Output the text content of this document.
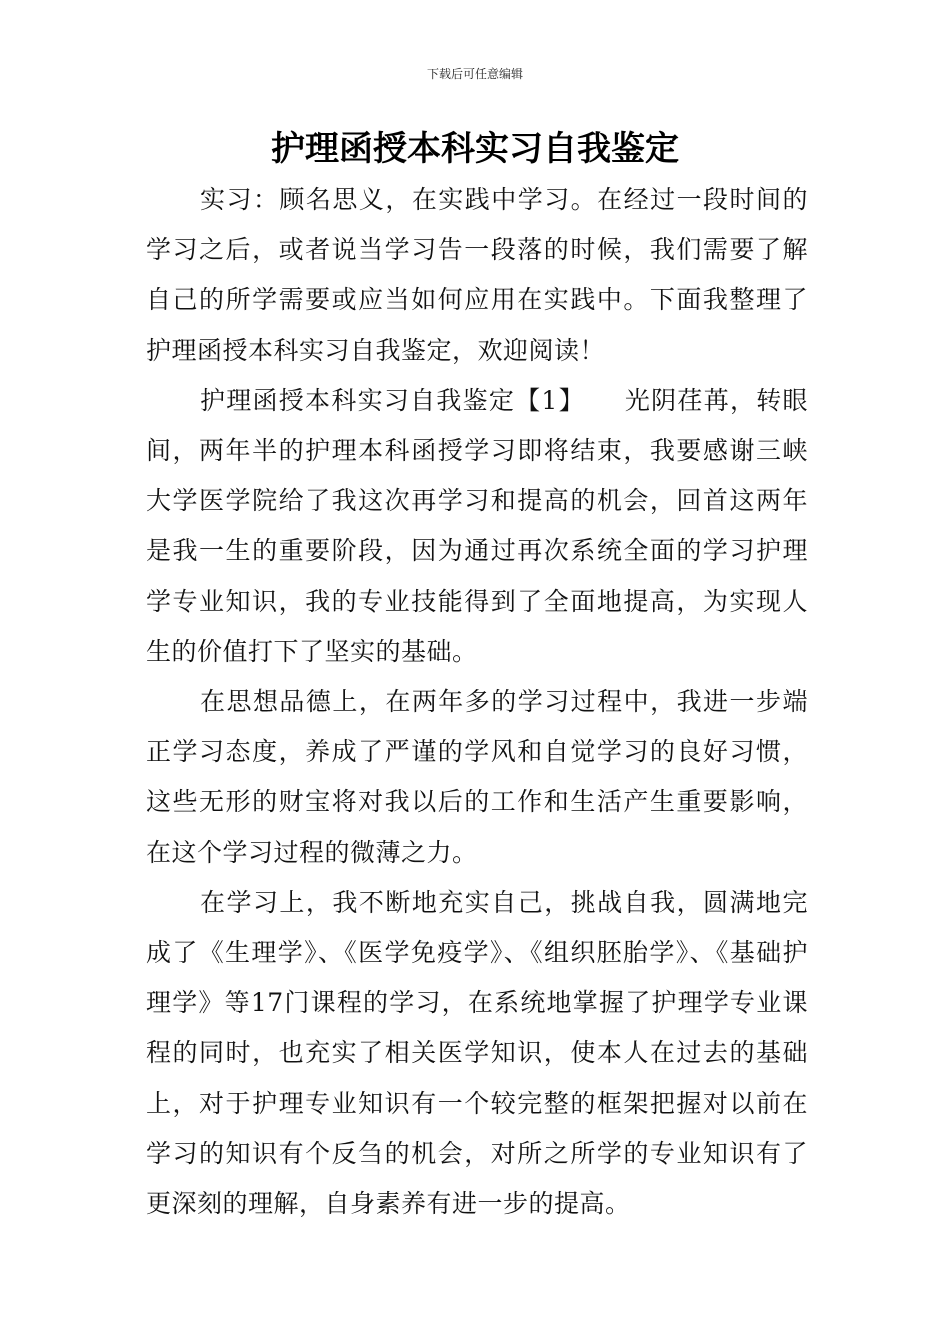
下载后可任意编辑
护理函授本科实习自我鉴定

实习：顾名思义，在实践中学习。在经过一段时间的学习之后，或者说当学习告一段落的时候，我们需要了解自己的所学需要或应当如何应用在实践中。下面我整理了护理函授本科实习自我鉴定，欢迎阅读！

护理函授本科实习自我鉴定【1】　　光阴荏苒，转眼间，两年半的护理本科函授学习即将结束，我要感谢三峡大学医学院给了我这次再学习和提高的机会，回首这两年是我一生的重要阶段，因为通过再次系统全面的学习护理学专业知识，我的专业技能得到了全面地提高，为实现人生的价值打下了坚实的基础。

在思想品德上，在两年多的学习过程中，我进一步端正学习态度，养成了严谨的学风和自觉学习的良好习惯，这些无形的财宝将对我以后的工作和生活产生重要影响，在这个学习过程的微薄之力。

在学习上，我不断地充实自己，挑战自我，圆满地完成了《生理学》、《医学免疫学》、《组织胚胎学》、《基础护理学》等17门课程的学习，在系统地掌握了护理学专业课程的同时，也充实了相关医学知识，使本人在过去的基础上，对于护理专业知识有一个较完整的框架把握对以前在学习的知识有个反刍的机会，对所之所学的专业知识有了更深刻的理解，自身素养有进一步的提高。
